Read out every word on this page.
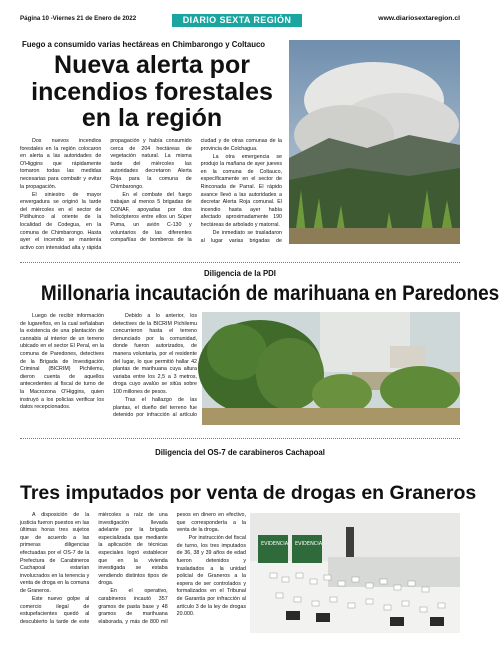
Página 10 -Viernes 21 de Enero de 2022	DIARIO SEXTA REGIÓN	www.diariosextaregion.cl
Fuego a consumido varias hectáreas en Chimbarongo y Coltauco
Nueva alerta por
incendios forestales
en la región

Dos nuevos incendios forestales en la región colocaron en alerta a las autoridades de O'Higgins que rápidamente tomaron todas las medidas necesarias para combatir y evitar la propagación.

El siniestro de mayor envergadura se originó la tarde del miércoles en el sector de Pidihuinco al oriente de la localidad de Codegua, en la comuna de Chimbarongo. Hasta ayer el incendio se mantenía activo con intensidad alta y rápida propagación y había consumido cerca de 204 hectáreas de vegetación natural. La misma tarde del miércoles las autoridades decretaron Alerta Roja para la comuna de Chimbarongo.

En el combate del fuego trabajan al menos 5 brigadas de CONAF, apoyadas por dos helicópteros entre ellos un Súper Puma, un avión C-130 y voluntarios de las diferentes compañías de bomberos de la ciudad y de otras comunas de la provincia de Colchagua.

La otra emergencia se produjo la mañana de ayer jueves en la comuna de Coltauco, específicamente en el sector de Rinconada de Parral. El rápido avance llevó a las autoridades a decretar Alerta Roja comunal. El incendio hasta ayer había afectado aproximadamente 190 hectáreas de arbolado y matorral.

De inmediato se trasladaron al lugar varias brigadas de

Diligencia de la PDI
Millonaria incautación de marihuana en Paredones

Luego de recibir información de lugareños, en la cual señalaban la existencia de una plantación de cannabis al interior de un terreno ubicado en el sector El Peral, en la comuna de Paredones, detectives de la Brigada de Investigación Criminal (BICRIM) Pichilemu, dieron cuenta de aquellos antecedentes al fiscal de turno de la Macrozona O'Higgins, quien instruyó a los policías verificar los datos recepcionados.

Debido a lo anterior, los detectives de la BICRIM Pichilemu concurrieron hasta el terreno denunciado por la comunidad, donde fueron autorizados, de manera voluntaria, por el residente del lugar, lo que permitió hallar 42 plantas de marihuana cuya altura variaba entre los 2,5 a 3 metros, droga cuyo avalúo se sitúa sobre 100 millones de pesos.

Tras el hallazgo de las plantas, el dueño del terreno fue detenido por infracción al artículo

Diligencia del OS-7 de carabineros Cachapoal
Tres imputados por venta de drogas en Graneros

A disposición de la justicia fueron puestos en las últimas horas tres sujetos que de acuerdo a las primeras diligencias efectuadas por el OS-7 de la Prefectura de Carabineros Cachapoal estarían involucrados en la tenencia y venta de droga en la comuna de Graneros.

Este nuevo golpe al comercio ilegal de estupefacientes quedó al descubierto la tarde de este miércoles a raíz de una investigación llevada adelante por la brigada especializada que mediante la aplicación de técnicas especiales logró establecer que en la vivienda investigada se estaba vendiendo distintos tipos de droga.

En el operativo, carabineros incautó 357 gramos de pasta base y 48 gramos de marihuana elaborada, y más de 800 mil pesos en dinero en efectivo, que correspondería a la venta de la droga.

Por instrucción del fiscal de turno, los tres imputados de 36, 38 y 39 años de edad fueron detenidos y trasladados a la unidad policial de Graneros a la espera de ser controlados y formalizados en el Tribunal de Garantía por infracción al artículo 3 de la ley de drogas 20.000.

EVIDENCIA EVIDENCIA
